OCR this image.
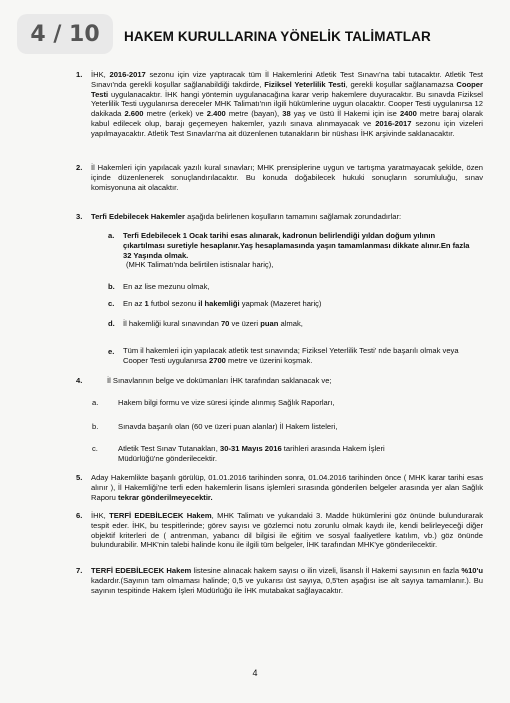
4 / 10	HAKEM KURULLARINA YÖNELİK TALİMATLAR
1. İHK, 2016-2017 sezonu için vize yaptıracak tüm İl Hakemlerini Atletik Test Sınavı'na tabi tutacaktır. Atletik Test Sınavı'nda gerekli koşullar sağlanabildiği takdirde, Fiziksel Yeterlilik Testi, gerekli koşullar sağlanamazsa Cooper Testi uygulanacaktır. İHK hangi yöntemin uygulanacağına karar verip hakemlere duyuracaktır. Bu sınavda Fiziksel Yeterlilik Testi uygulanırsa dereceler MHK Talimatı'nın ilgili hükümlerine uygun olacaktır. Cooper Testi uygulanırsa 12 dakikada 2.600 metre (erkek) ve 2.400 metre (bayan), 38 yaş ve üstü İl Hakemi için ise 2400 metre baraj olarak kabul edilecek olup, barajı geçemeyen hakemler, yazılı sınava alınmayacak ve 2016-2017 sezonu için vizeleri yapılmayacaktır. Atletik Test Sınavları'na ait düzenlenen tutanakların bir nüshası İHK arşivinde saklanacaktır.
2. İl Hakemleri için yapılacak yazılı kural sınavları; MHK prensiplerine uygun ve tartışma yaratmayacak şekilde, özen içinde düzenlenerek sonuçlandırılacaktır. Bu konuda doğabilecek hukuki sonuçların sorumluluğu, sınav komisyonuna ait olacaktır.
3. Terfi Edebilecek Hakemler aşağıda belirlenen koşulların tamamını sağlamak zorundadırlar:
a. Terfi Edebilecek 1 Ocak tarihi esas alınarak, kadronun belirlendiği yıldan doğum yılının çıkartılması suretiyle hesaplanır.Yaş hesaplamasında yaşın tamamlanması dikkate alınır.En fazla 32 Yaşında olmak.
(MHK Talimatı'nda belirtilen istisnalar hariç),
b. En az lise mezunu olmak,
c. En az 1 futbol sezonu il hakemliği yapmak (Mazeret hariç)
d. İl hakemliği kural sınavından 70 ve üzeri puan almak,
e. Tüm il hakemleri için yapılacak atletik test sınavında; Fiziksel Yeterlilik Testi' nde başarılı olmak veya Cooper Testi uygulanırsa 2700 metre ve üzerini koşmak.
4.	İl Sınavlarının belge ve dokümanları İHK tarafından saklanacak ve;
a.	Hakem bilgi formu ve vize süresi içinde alınmış Sağlık Raporları,
b.	Sınavda başarılı olan (60 ve üzeri puan alanlar) İl Hakem listeleri,
c.	Atletik Test Sınav Tutanakları, 30-31 Mayıs 2016 tarihleri arasında Hakem İşleri Müdürlüğü'ne gönderilecektir.
5. Aday Hakemlikte başarılı görülüp, 01.01.2016 tarihinden sonra, 01.04.2016 tarihinden önce ( MHK karar tarihi esas alınır ), İl Hakemliği'ne terfi eden hakemlerin lisans işlemleri sırasında gönderilen belgeler arasında yer alan Sağlık Raporu tekrar gönderilmeyecektir.
6. İHK, TERFİ EDEBİLECEK Hakem, MHK Talimatı ve yukarıdaki 3. Madde hükümlerini göz önünde bulundurarak tespit eder. İHK, bu tespitlerinde; görev sayısı ve gözlemci notu zorunlu olmak kaydı ile, kendi belirleyeceği diğer objektif kriterleri de ( antrenman, yabancı dil bilgisi ile eğitim ve sosyal faaliyetlere katılım, vb.) göz önünde bulundurabilir. MHK'nin talebi halinde konu ile ilgili tüm belgeler, İHK tarafından MHK'ye gönderilecektir.
7. TERFİ EDEBİLECEK Hakem listesine alınacak hakem sayısı o ilin vizeli, lisanslı İl Hakemi sayısının en fazla %10'u kadardır.(Sayının tam olmaması halinde; 0,5 ve yukarısı üst sayıya, 0,5'ten aşağısı ise alt sayıya tamamlanır.). Bu sayının tespitinde Hakem İşleri Müdürlüğü ile İHK mutabakat sağlayacaktır.
4
